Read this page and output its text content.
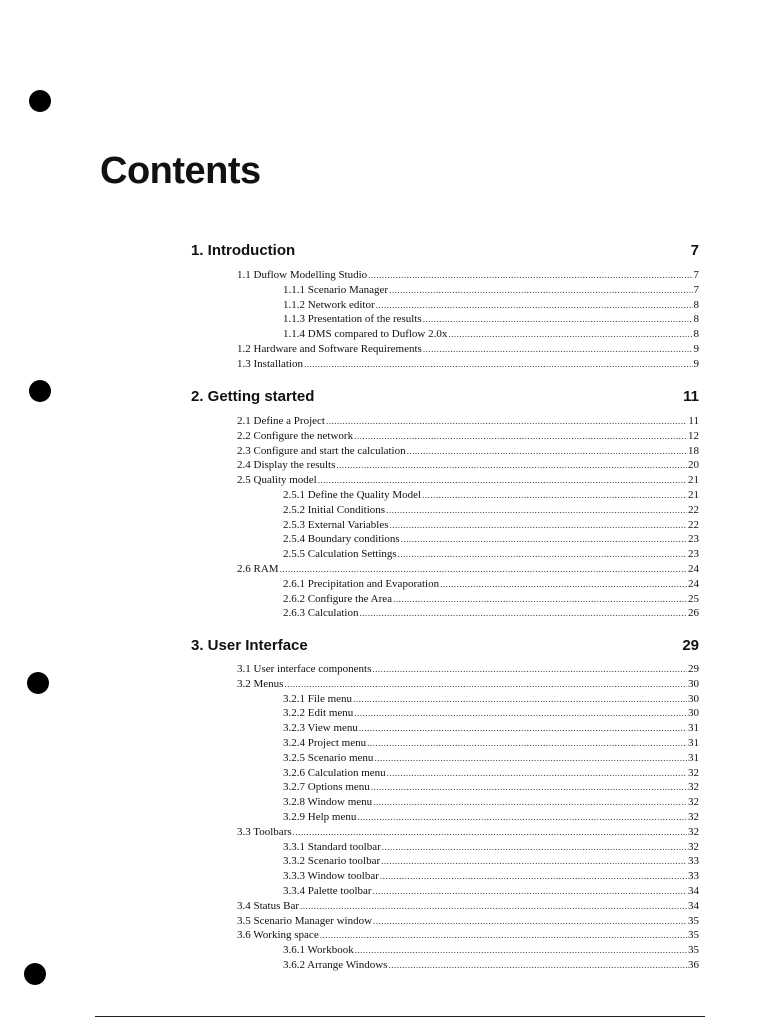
Contents
1. Introduction	7
1.1 Duflow Modelling Studio .....	7
1.1.1 Scenario Manager .....	7
1.1.2 Network editor .....	8
1.1.3 Presentation of the results .....	8
1.1.4 DMS compared to Duflow 2.0x .....	8
1.2 Hardware and Software Requirements .....	9
1.3 Installation .....	9
2. Getting started	11
2.1 Define a Project .....	11
2.2 Configure the network .....	12
2.3 Configure and start the calculation .....	18
2.4 Display the results .....	20
2.5 Quality model .....	21
2.5.1 Define the Quality Model .....	21
2.5.2 Initial Conditions .....	22
2.5.3 External Variables .....	22
2.5.4 Boundary conditions .....	23
2.5.5 Calculation Settings .....	23
2.6 RAM .....	24
2.6.1 Precipitation and Evaporation .....	24
2.6.2 Configure the Area .....	25
2.6.3 Calculation .....	26
3. User Interface	29
3.1 User interface components .....	29
3.2 Menus .....	30
3.2.1 File menu .....	30
3.2.2 Edit menu .....	30
3.2.3 View menu .....	31
3.2.4 Project menu .....	31
3.2.5 Scenario menu .....	31
3.2.6 Calculation menu .....	32
3.2.7 Options menu .....	32
3.2.8 Window menu .....	32
3.2.9 Help menu .....	32
3.3 Toolbars .....	32
3.3.1 Standard toolbar .....	32
3.3.2 Scenario toolbar .....	33
3.3.3 Window toolbar .....	33
3.3.4 Palette toolbar .....	34
3.4 Status Bar .....	34
3.5 Scenario Manager window .....	35
3.6 Working space .....	35
3.6.1 Workbook .....	35
3.6.2 Arrange Windows .....	36
